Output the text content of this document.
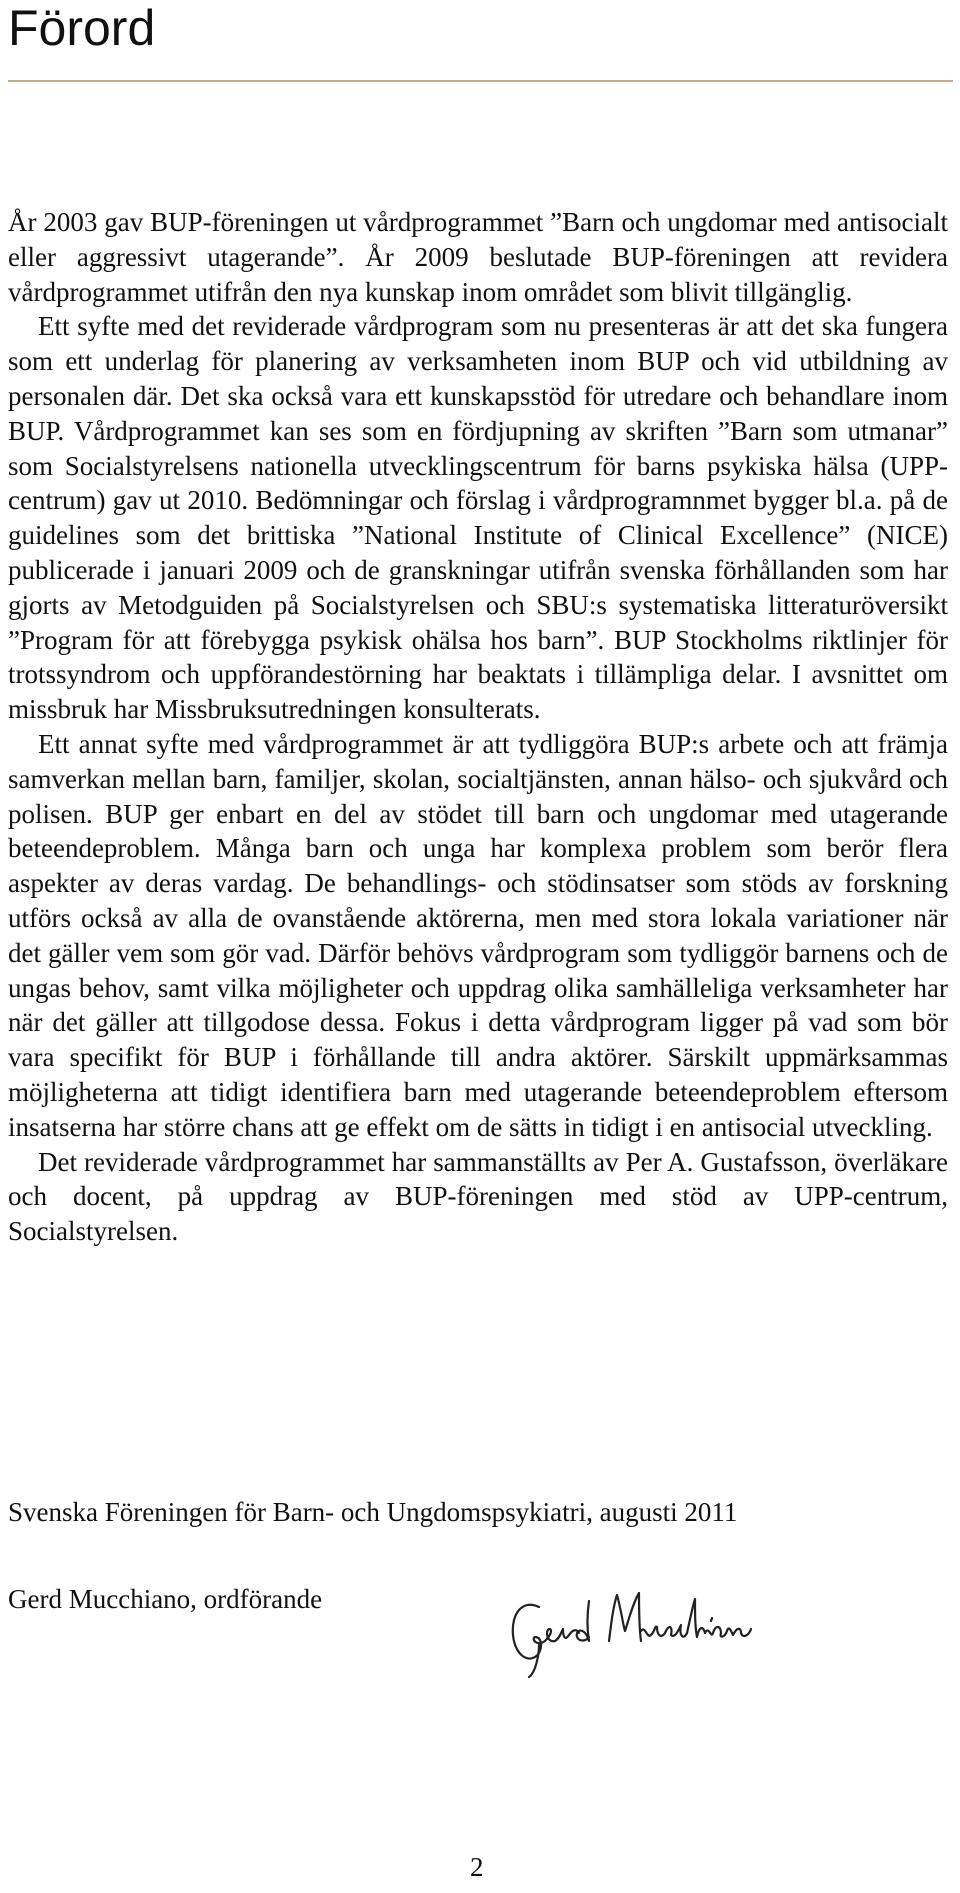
Förord

År 2003 gav BUP-föreningen ut vårdprogrammet ”Barn och ungdomar med antisocialt eller aggressivt utagerande”. År 2009 beslutade BUP-föreningen att revidera vårdprogrammet utifrån den nya kunskap inom området som blivit tillgänglig.

Ett syfte med det reviderade vårdprogram som nu presenteras är att det ska fungera som ett underlag för planering av verksamheten inom BUP och vid utbildning av personalen där. Det ska också vara ett kunskapsstöd för utredare och behandlare inom BUP. Vårdprogrammet kan ses som en fördjupning av skriften ”Barn som utmanar” som Socialstyrelsens nationella utvecklingscentrum för barns psykiska hälsa (UPP-centrum) gav ut 2010. Bedömningar och förslag i vårdprogramnmet bygger bl.a. på de guidelines som det brittiska ”National Institute of Clinical Excellence” (NICE) publicerade i januari 2009 och de granskningar utifrån svenska förhållanden som har gjorts av Metodguiden på Socialstyrelsen och SBU:s systematiska litteraturöversikt ”Program för att förebygga psykisk ohälsa hos barn”. BUP Stockholms riktlinjer för trotssyndrom och uppförandestörning har beaktats i tillämpliga delar. I avsnittet om missbruk har Missbruksutredningen konsulterats.

Ett annat syfte med vårdprogrammet är att tydliggöra BUP:s arbete och att främja samverkan mellan barn, familjer, skolan, socialtjänsten, annan hälso- och sjukvård och polisen. BUP ger enbart en del av stödet till barn och ungdomar med utagerande beteendeproblem. Många barn och unga har komplexa problem som berör flera aspekter av deras vardag. De behandlings- och stödinsatser som stöds av forskning utförs också av alla de ovanstående aktörerna, men med stora lokala variationer när det gäller vem som gör vad. Därför behövs vårdprogram som tydliggör barnens och de ungas behov, samt vilka möjligheter och uppdrag olika samhälleliga verksamheter har när det gäller att tillgodose dessa. Fokus i detta vårdprogram ligger på vad som bör vara specifikt för BUP i förhållande till andra aktörer. Särskilt uppmärksammas möjligheterna att tidigt identifiera barn med utagerande beteendeproblem eftersom insatserna har större chans att ge effekt om de sätts in tidigt i en antisocial utveckling.

Det reviderade vårdprogrammet har sammanställts av Per A. Gustafsson, överläkare och docent, på uppdrag av BUP-föreningen med stöd av UPP-centrum, Socialstyrelsen.

Svenska Föreningen för Barn- och Ungdomspsykiatri, augusti 2011

Gerd Mucchiano, ordförande

2
